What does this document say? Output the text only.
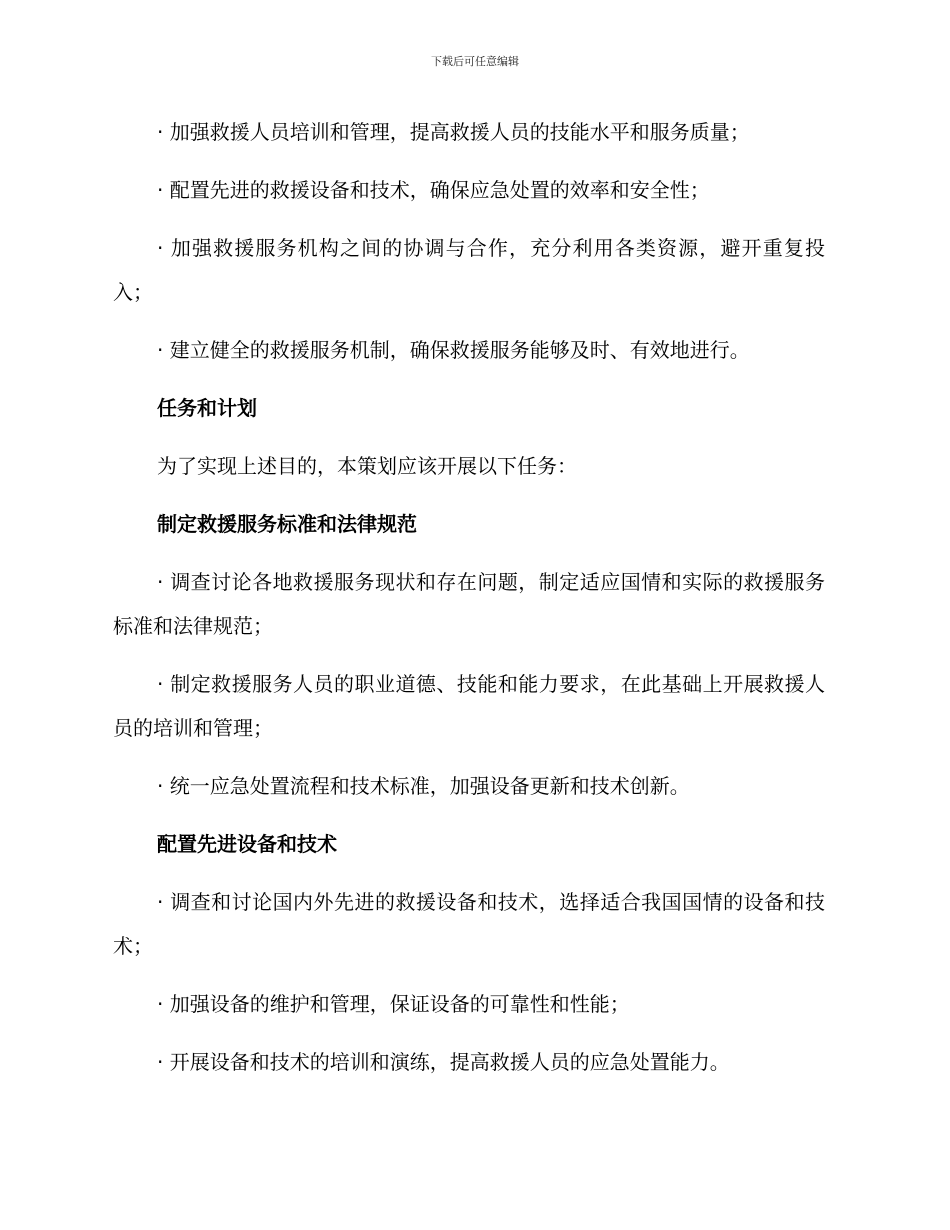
下载后可任意编辑

· 加强救援人员培训和管理，提高救援人员的技能水平和服务质量；

· 配置先进的救援设备和技术，确保应急处置的效率和安全性；

· 加强救援服务机构之间的协调与合作，充分利用各类资源，避开重复投入；

· 建立健全的救援服务机制，确保救援服务能够及时、有效地进行。

任务和计划

为了实现上述目的，本策划应该开展以下任务：

制定救援服务标准和法律规范

· 调查讨论各地救援服务现状和存在问题，制定适应国情和实际的救援服务标准和法律规范；

· 制定救援服务人员的职业道德、技能和能力要求，在此基础上开展救援人员的培训和管理；

· 统一应急处置流程和技术标准，加强设备更新和技术创新。

配置先进设备和技术

· 调查和讨论国内外先进的救援设备和技术，选择适合我国国情的设备和技术；

· 加强设备的维护和管理，保证设备的可靠性和性能；

· 开展设备和技术的培训和演练，提高救援人员的应急处置能力。
